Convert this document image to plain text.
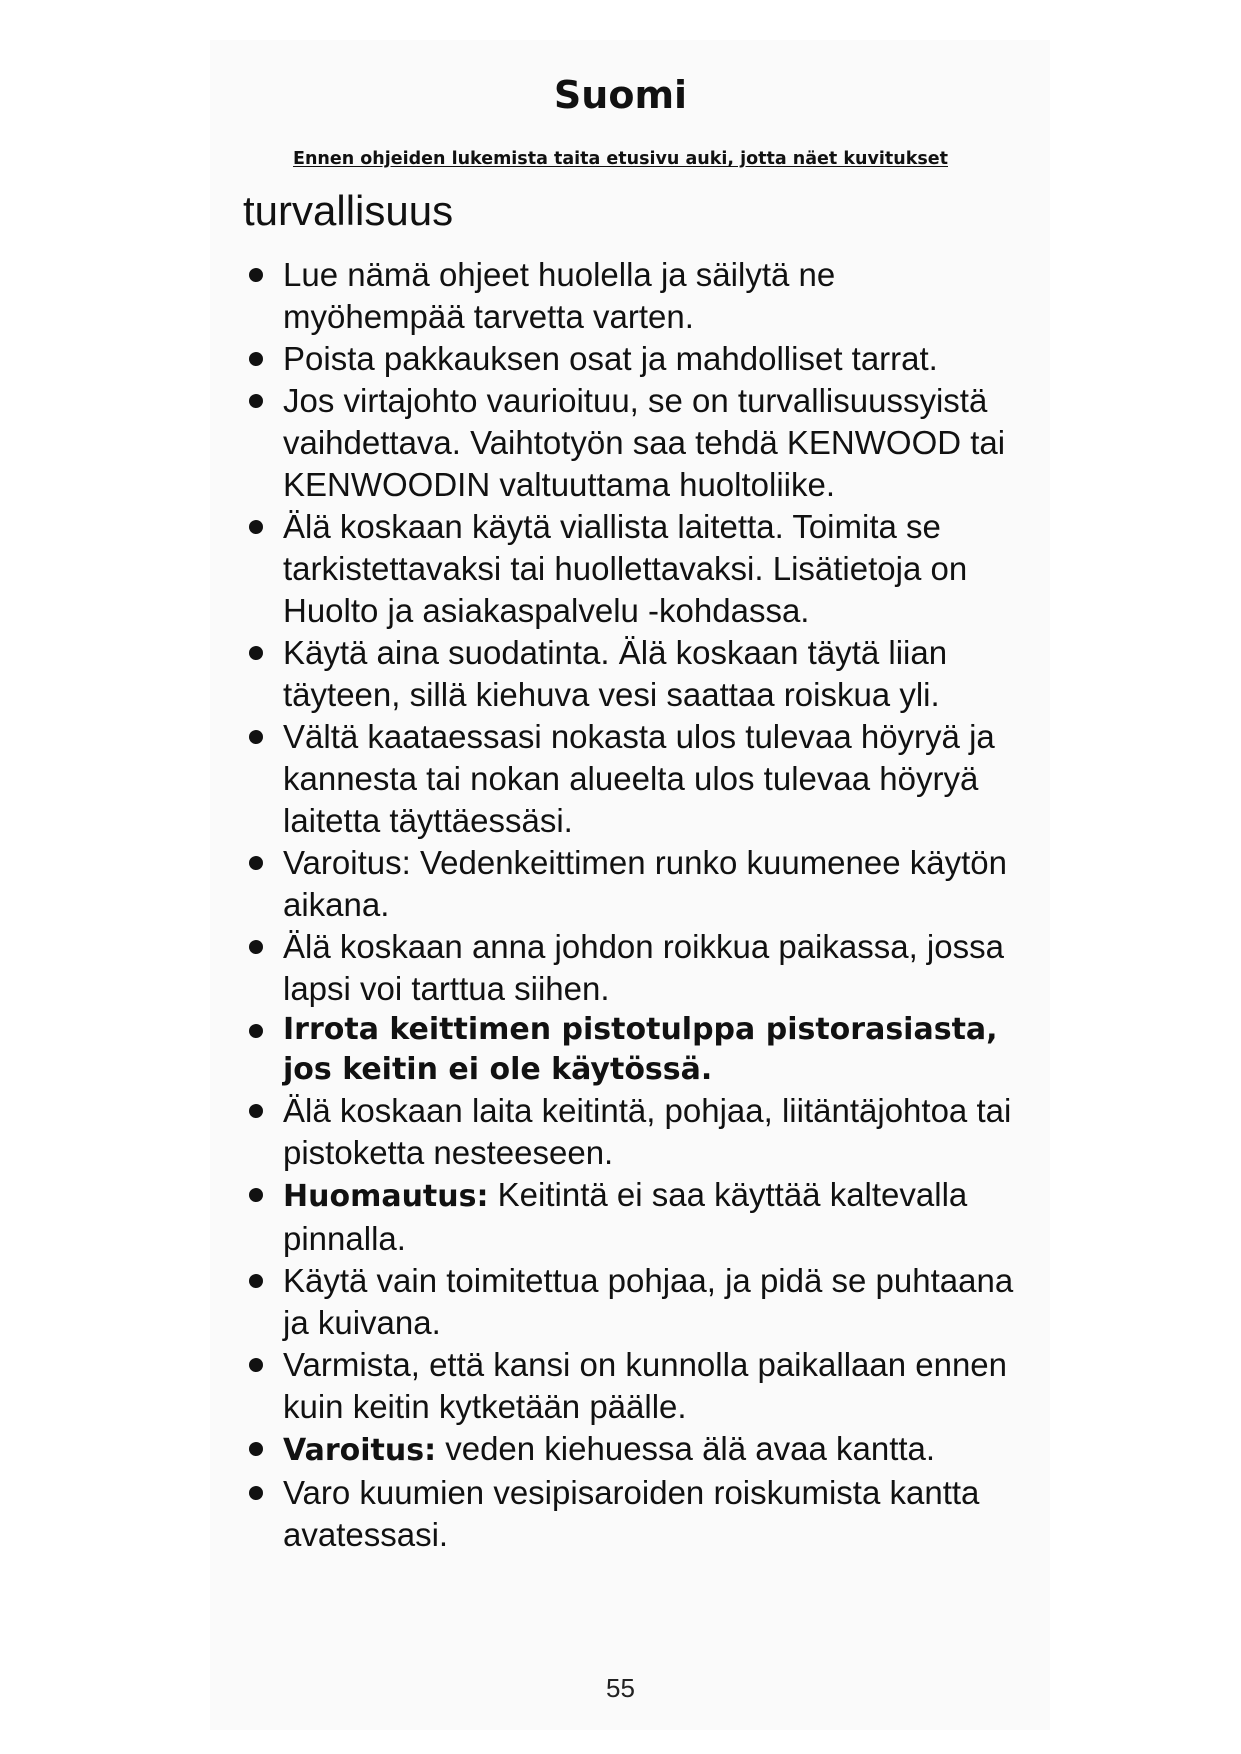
Suomi

Ennen ohjeiden lukemista taita etusivu auki, jotta näet kuvitukset

turvallisuus
Lue nämä ohjeet huolella ja säilytä ne myöhempää tarvetta varten.
Poista pakkauksen osat ja mahdolliset tarrat.
Jos virtajohto vaurioituu, se on turvallisuussyistä vaihdettava. Vaihtotyön saa tehdä KENWOOD tai KENWOODIN valtuuttama huoltoliike.
Älä koskaan käytä viallista laitetta. Toimita se tarkistettavaksi tai huollettavaksi. Lisätietoja on Huolto ja asiakaspalvelu -kohdassa.
Käytä aina suodatinta. Älä koskaan täytä liian täyteen, sillä kiehuva vesi saattaa roiskua yli.
Vältä kaataessasi nokasta ulos tulevaa höyryä ja kannesta tai nokan alueelta ulos tulevaa höyryä laitetta täyttäessäsi.
Varoitus: Vedenkeittimen runko kuumenee käytön aikana.
Älä koskaan anna johdon roikkua paikassa, jossa lapsi voi tarttua siihen.
Irrota keittimen pistotulppa pistorasiasta, jos keitin ei ole käytössä.
Älä koskaan laita keitintä, pohjaa, liitäntäjohtoa tai pistoketta nesteeseen.
Huomautus: Keitintä ei saa käyttää kaltevalla pinnalla.
Käytä vain toimitettua pohjaa, ja pidä se puhtaana ja kuivana.
Varmista, että kansi on kunnolla paikallaan ennen kuin keitin kytketään päälle.
Varoitus: veden kiehuessa älä avaa kantta.
Varo kuumien vesipisaroiden roiskumista kantta avatessasi.

55
